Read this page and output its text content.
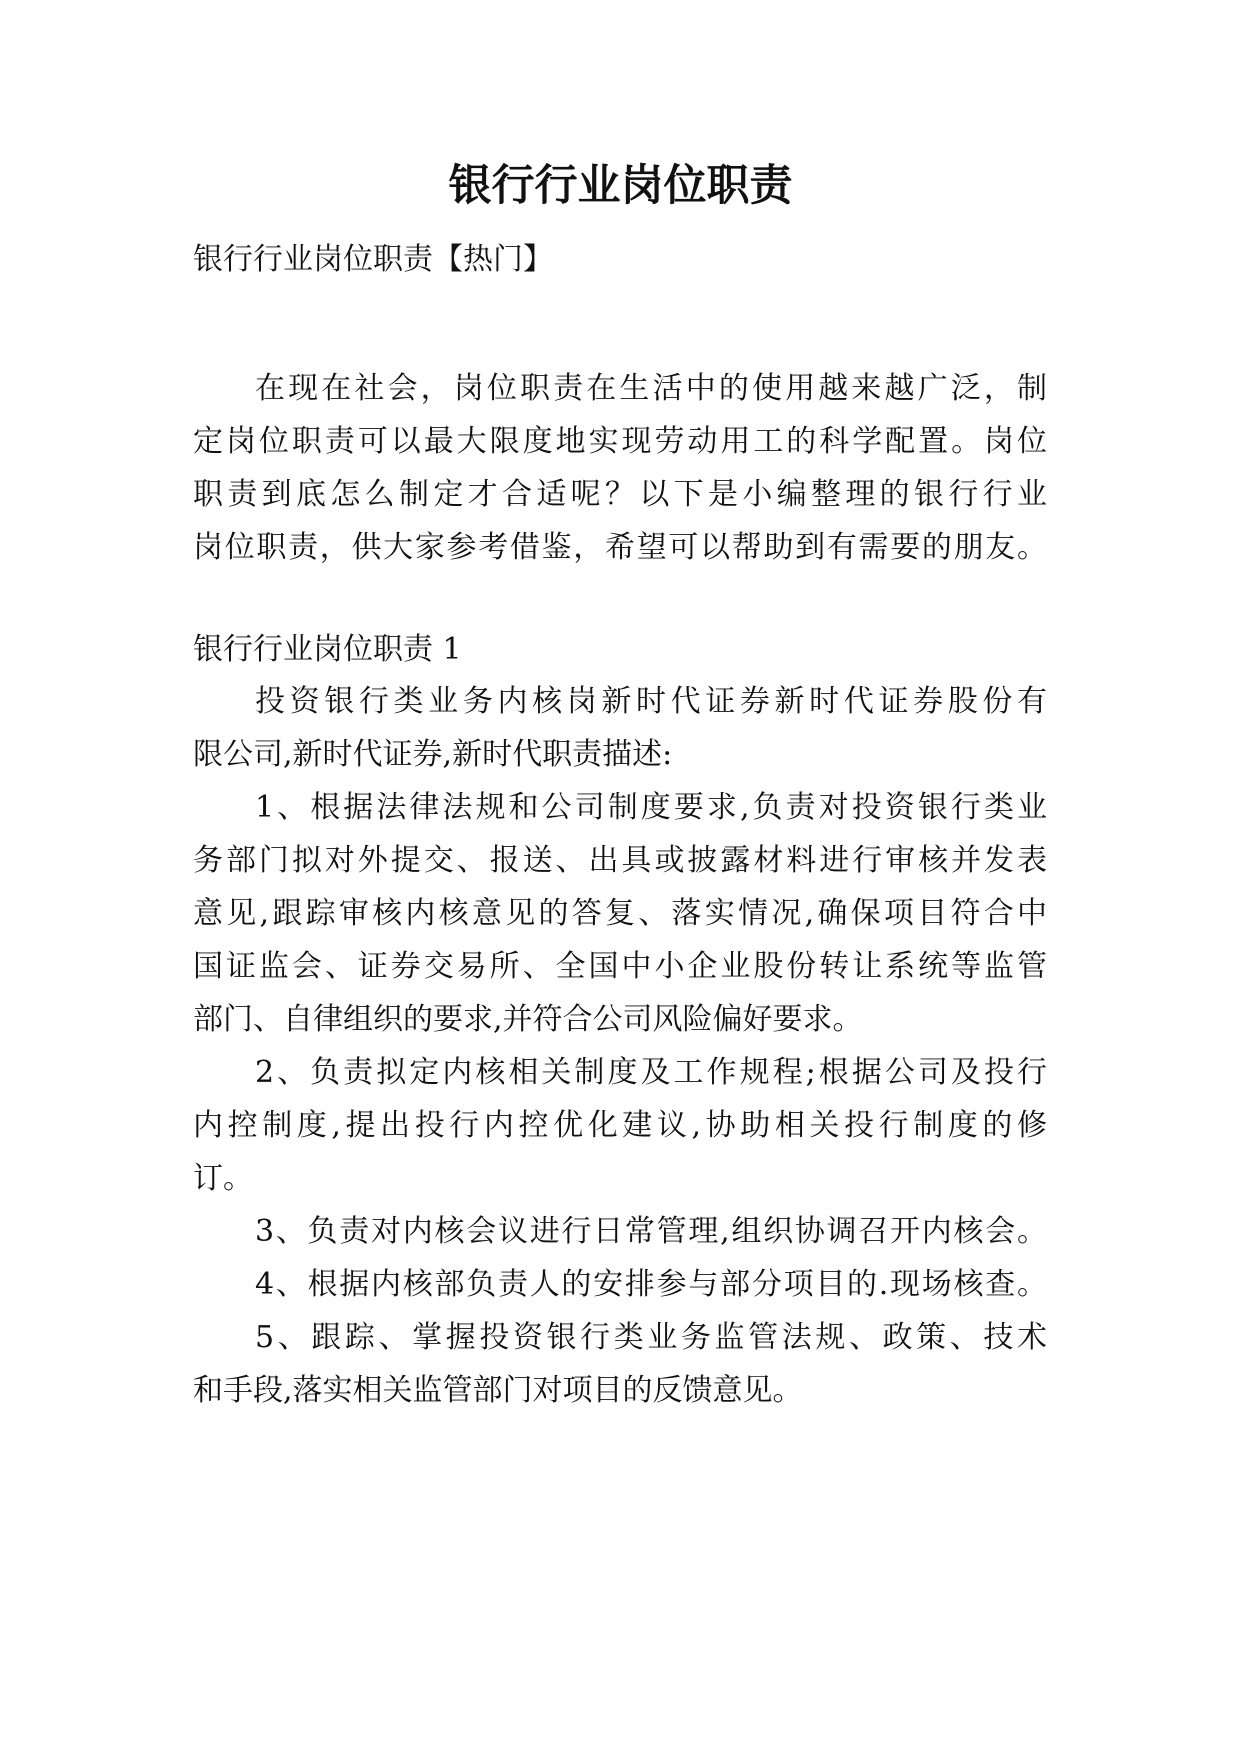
银行行业岗位职责
银行行业岗位职责【热门】
在现在社会，岗位职责在生活中的使用越来越广泛，制
定岗位职责可以最大限度地实现劳动用工的科学配置。岗位
职责到底怎么制定才合适呢？以下是小编整理的银行行业
岗位职责，供大家参考借鉴，希望可以帮助到有需要的朋友。
银行行业岗位职责 1
投资银行类业务内核岗新时代证券新时代证券股份有
限公司,新时代证券,新时代职责描述:
1、根据法律法规和公司制度要求,负责对投资银行类业
务部门拟对外提交、报送、出具或披露材料进行审核并发表
意见,跟踪审核内核意见的答复、落实情况,确保项目符合中
国证监会、证券交易所、全国中小企业股份转让系统等监管
部门、自律组织的要求,并符合公司风险偏好要求。
2、负责拟定内核相关制度及工作规程;根据公司及投行
内控制度,提出投行内控优化建议,协助相关投行制度的修
订。
3、负责对内核会议进行日常管理,组织协调召开内核会。
4、根据内核部负责人的安排参与部分项目的.现场核查。
5、跟踪、掌握投资银行类业务监管法规、政策、技术
和手段,落实相关监管部门对项目的反馈意见。
